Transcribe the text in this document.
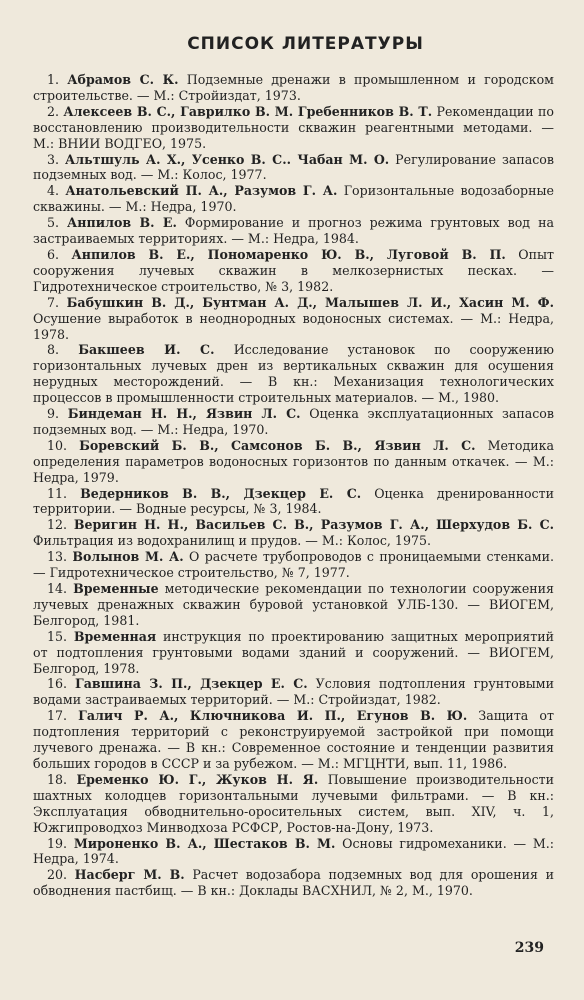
СПИСОК ЛИТЕРАТУРЫ
1. Абрамов С. К. Подземные дренажи в промышленном и городском строительстве. — М.: Стройиздат, 1973.
2. Алексеев В. С., Гаврилко В. М. Гребенников В. Т. Рекомендации по восстановлению производительности скважин реагентными методами. — М.: ВНИИ ВОДГЕО, 1975.
3. Альтшуль А. Х., Усенко В. С.. Чабан М. О. Регулирование запасов подземных вод. — М.: Колос, 1977.
4. Анатольевский П. А., Разумов Г. А. Горизонтальные водозаборные скважины. — М.: Недра, 1970.
5. Анпилов В. Е. Формирование и прогноз режима грунтовых вод на застраиваемых территориях. — М.: Недра, 1984.
6. Анпилов В. Е., Пономаренко Ю. В., Луговой В. П. Опыт сооружения лучевых скважин в мелкозернистых песках. — Гидротехническое строительство, № 3, 1982.
7. Бабушкин В. Д., Бунтман А. Д., Малышев Л. И., Хасин М. Ф. Осушение выработок в неоднородных водоносных системах. — М.: Недра, 1978.
8. Бакшеев И. С. Исследование установок по сооружению горизонтальных лучевых дрен из вертикальных скважин для осушения нерудных месторождений. — В кн.: Механизация технологических процессов в промышленности строительных материалов. — М., 1980.
9. Биндеман Н. Н., Язвин Л. С. Оценка эксплуатационных запасов подземных вод. — М.: Недра, 1970.
10. Боревский Б. В., Самсонов Б. В., Язвин Л. С. Методика определения параметров водоносных горизонтов по данным откачек. — М.: Недра, 1979.
11. Ведерников В. В., Дзекцер Е. С. Оценка дренированности территории. — Водные ресурсы, № 3, 1984.
12. Веригин Н. Н., Васильев С. В., Разумов Г. А., Шерхудов Б. С. Фильтрация из водохранилищ и прудов. — М.: Колос, 1975.
13. Волынов М. А. О расчете трубопроводов с проницаемыми стенками. — Гидротехническое строительство, № 7, 1977.
14. Временные методические рекомендации по технологии сооружения лучевых дренажных скважин буровой установкой УЛБ-130. — ВИОГЕМ, Белгород, 1981.
15. Временная инструкция по проектированию защитных мероприятий от подтопления грунтовыми водами зданий и сооружений. — ВИОГЕМ, Белгород, 1978.
16. Гавшина З. П., Дзекцер Е. С. Условия подтопления грунтовыми водами застраиваемых территорий. — М.: Стройиздат, 1982.
17. Галич Р. А., Ключникова И. П., Егунов В. Ю. Защита от подтопления территорий с реконструируемой застройкой при помощи лучевого дренажа. — В кн.: Современное состояние и тенденции развития больших городов в СССР и за рубежом. — М.: МГЦНТИ, вып. 11, 1986.
18. Еременко Ю. Г., Жуков Н. Я. Повышение производительности шахтных колодцев горизонтальными лучевыми фильтрами. — В кн.: Эксплуатация обводнительно-оросительных систем, вып. XIV, ч. 1, Южгипроводхоз Минводхоза РСФСР, Ростов-на-Дону, 1973.
19. Мироненко В. А., Шестаков В. М. Основы гидромеханики. — М.: Недра, 1974.
20. Насберг М. В. Расчет водозабора подземных вод для орошения и обводнения пастбищ. — В кн.: Доклады ВАСХНИЛ, № 2, М., 1970.
239
